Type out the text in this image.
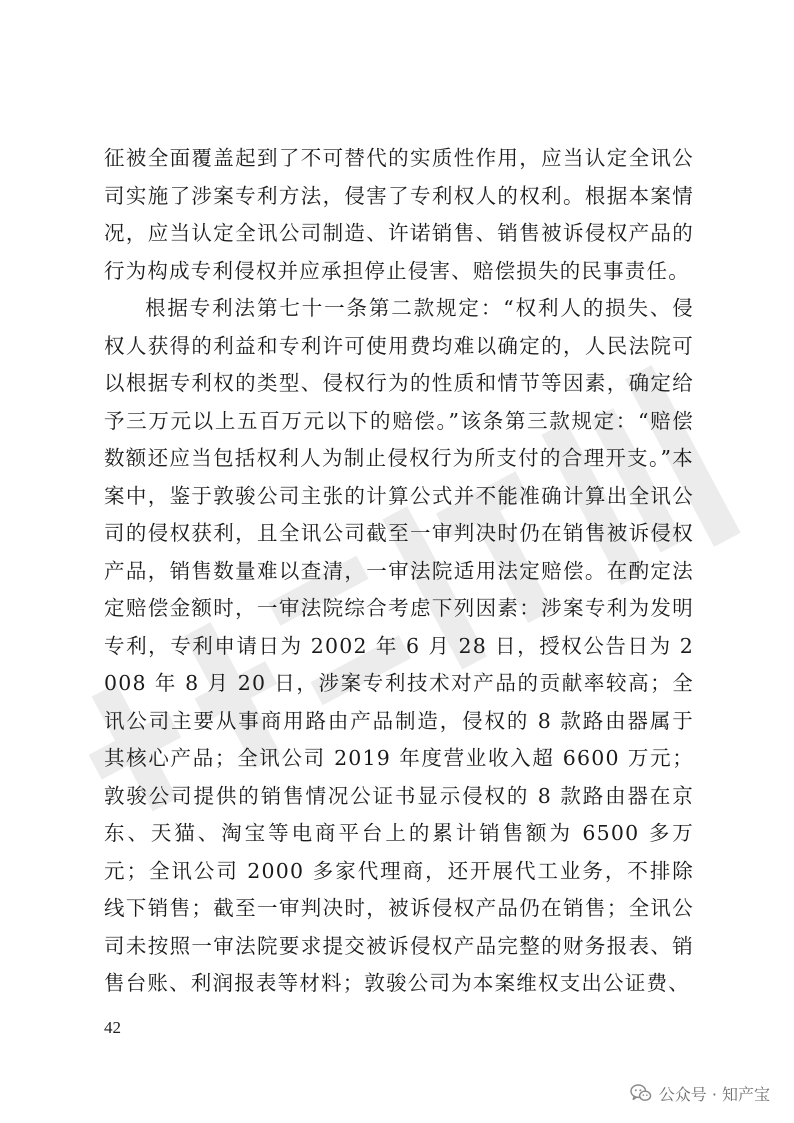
征被全面覆盖起到了不可替代的实质性作用，应当认定全讯公司实施了涉案专利方法，侵害了专利权人的权利。根据本案情况，应当认定全讯公司制造、许诺销售、销售被诉侵权产品的行为构成专利侵权并应承担停止侵害、赔偿损失的民事责任。

根据专利法第七十一条第二款规定：“权利人的损失、侵权人获得的利益和专利许可使用费均难以确定的，人民法院可以根据专利权的类型、侵权行为的性质和情节等因素，确定给予三万元以上五百万元以下的赔偿。”该条第三款规定：“赔偿数额还应当包括权利人为制止侵权行为所支付的合理开支。”本案中，鉴于敦骏公司主张的计算公式并不能准确计算出全讯公司的侵权获利，且全讯公司截至一审判决时仍在销售被诉侵权产品，销售数量难以查清，一审法院适用法定赔偿。在酌定法定赔偿金额时，一审法院综合考虑下列因素：涉案专利为发明专利，专利申请日为 2002 年 6 月 28 日，授权公告日为 2008 年 8 月 20 日，涉案专利技术对产品的贡献率较高；全讯公司主要从事商用路由产品制造，侵权的 8 款路由器属于其核心产品；全讯公司 2019 年度营业收入超 6600 万元；敦骏公司提供的销售情况公证书显示侵权的 8 款路由器在京东、天猫、淘宝等电商平台上的累计销售额为 6500 多万元；全讯公司 2000 多家代理商，还开展代工业务，不排除线下销售；截至一审判决时，被诉侵权产品仍在销售；全讯公司未按照一审法院要求提交被诉侵权产品完整的财务报表、销售台账、利润报表等材料；敦骏公司为本案维权支出公证费、

42
公众号 · 知产宝
